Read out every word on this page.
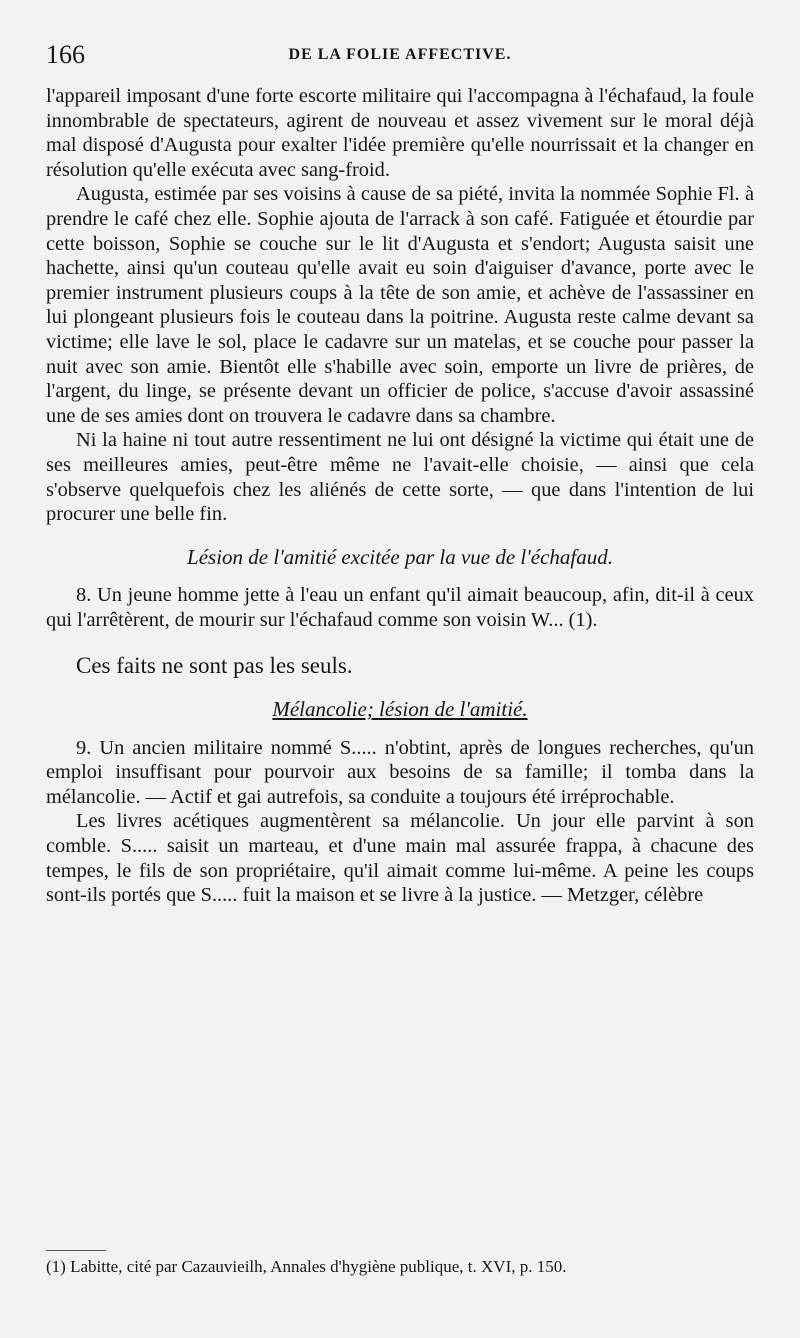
166	DE LA FOLIE AFFECTIVE.

l'appareil imposant d'une forte escorte militaire qui l'accompagna à l'échafaud, la foule innombrable de spectateurs, agirent de nouveau et assez vivement sur le moral déjà mal disposé d'Augusta pour exalter l'idée première qu'elle nourrissait et la changer en résolution qu'elle exécuta avec sang-froid.

Augusta, estimée par ses voisins à cause de sa piété, invita la nommée Sophie Fl. à prendre le café chez elle. Sophie ajouta de l'arrack à son café. Fatiguée et étourdie par cette boisson, Sophie se couche sur le lit d'Augusta et s'endort; Augusta saisit une hachette, ainsi qu'un couteau qu'elle avait eu soin d'aiguiser d'avance, porte avec le premier instrument plusieurs coups à la tête de son amie, et achève de l'assassiner en lui plongeant plusieurs fois le couteau dans la poitrine. Augusta reste calme devant sa victime; elle lave le sol, place le cadavre sur un matelas, et se couche pour passer la nuit avec son amie. Bientôt elle s'habille avec soin, emporte un livre de prières, de l'argent, du linge, se présente devant un officier de police, s'accuse d'avoir assassiné une de ses amies dont on trouvera le cadavre dans sa chambre.

Ni la haine ni tout autre ressentiment ne lui ont désigné la victime qui était une de ses meilleures amies, peut-être même ne l'avait-elle choisie, — ainsi que cela s'observe quelquefois chez les aliénés de cette sorte, — que dans l'intention de lui procurer une belle fin.

Lésion de l'amitié excitée par la vue de l'échafaud.

8. Un jeune homme jette à l'eau un enfant qu'il aimait beaucoup, afin, dit-il à ceux qui l'arrêtèrent, de mourir sur l'échafaud comme son voisin W... (1).

Ces faits ne sont pas les seuls.
Mélancolie; lésion de l'amitié.

9. Un ancien militaire nommé S..... n'obtint, après de longues recherches, qu'un emploi insuffisant pour pourvoir aux besoins de sa famille; il tomba dans la mélancolie. — Actif et gai autrefois, sa conduite a toujours été irréprochable.

Les livres acétiques augmentèrent sa mélancolie. Un jour elle parvint à son comble. S..... saisit un marteau, et d'une main mal assurée frappa, à chacune des tempes, le fils de son propriétaire, qu'il aimait comme lui-même. A peine les coups sont-ils portés que S..... fuit la maison et se livre à la justice. — Metzger, célèbre

(1) Labitte, cité par Cazauvieilh, Annales d'hygiène publique, t. XVI, p. 150.
